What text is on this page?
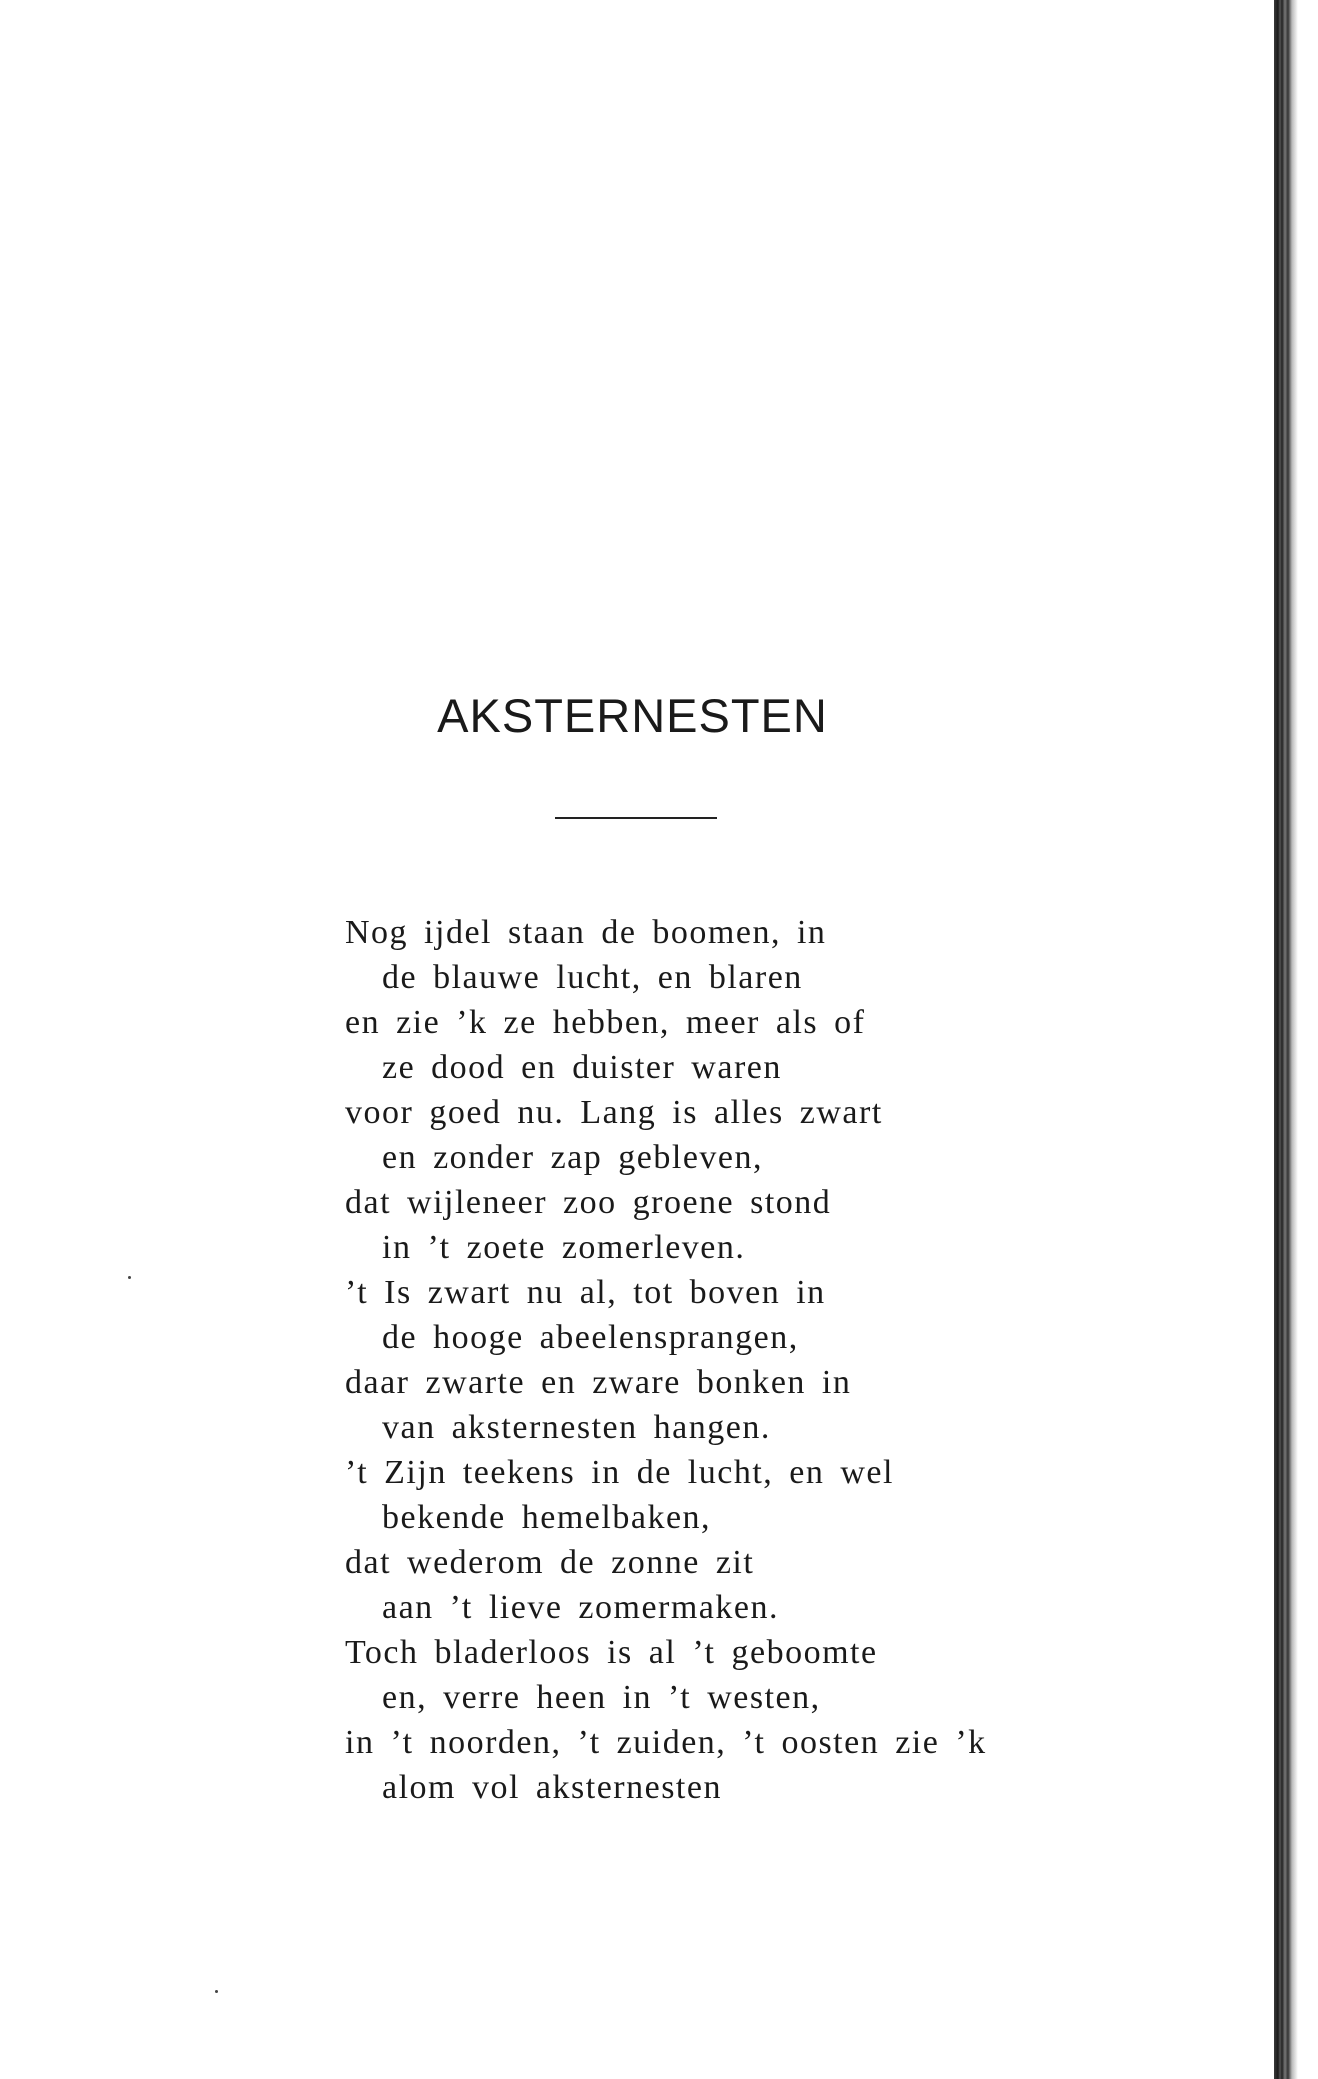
AKSTERNESTEN
Nog ijdel staan de boomen, in
de blauwe lucht, en blaren
en zie ’k ze hebben, meer als of
ze dood en duister waren
voor goed nu. Lang is alles zwart
en zonder zap gebleven,
dat wijleneer zoo groene stond
in ’t zoete zomerleven.
’t Is zwart nu al, tot boven in
de hooge abeelensprangen,
daar zwarte en zware bonken in
van aksternesten hangen.
’t Zijn teekens in de lucht, en wel
bekende hemelbaken,
dat wederom de zonne zit
aan ’t lieve zomermaken.
Toch bladerloos is al ’t geboomte
en, verre heen in ’t westen,
in ’t noorden, ’t zuiden, ’t oosten zie ’k
alom vol aksternesten
